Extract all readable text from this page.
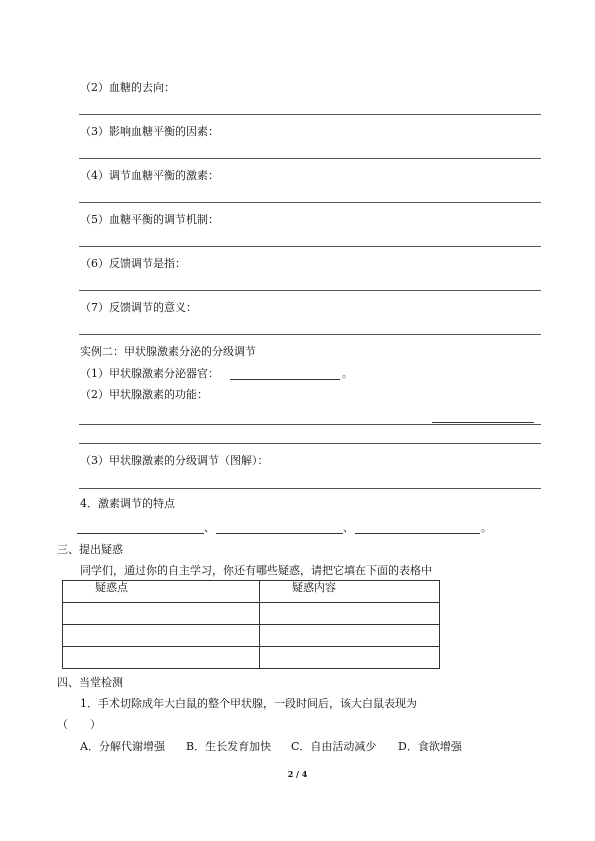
（2）血糖的去向：
（3）影响血糖平衡的因素：
（4）调节血糖平衡的激素：
（5）血糖平衡的调节机制：
（6）反馈调节是指：
（7）反馈调节的意义：
实例二：甲状腺激素分泌的分级调节
（1）甲状腺激素分泌器官：	。
（2）甲状腺激素的功能：
（3）甲状腺激素的分级调节（图解）：
4．激素调节的特点
、	、	。
三、提出疑惑
同学们，通过你的自主学习，你还有哪些疑惑，请把它填在下面的表格中
疑惑点	疑惑内容

四、当堂检测
1．手术切除成年大白鼠的整个甲状腺，一段时间后，该大白鼠表现为
（　　）
A．分解代谢增强 B．生长发育加快 C．自由活动减少 D．食欲增强
2 / 4
